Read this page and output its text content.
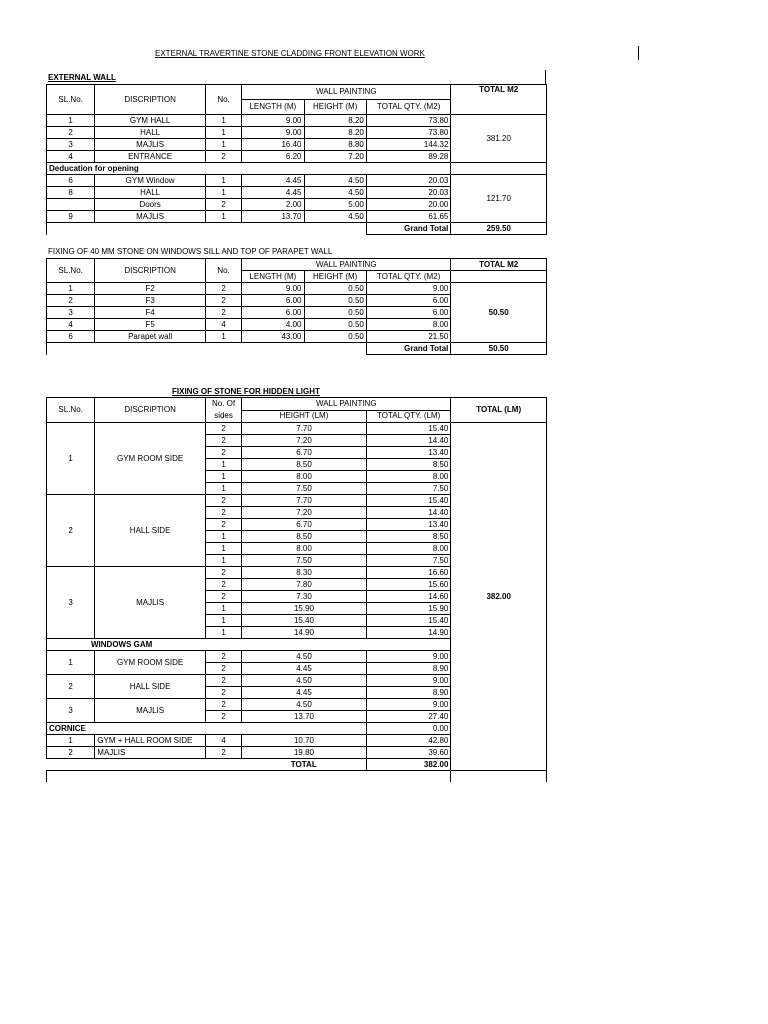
EXTERNAL TRAVERTINE STONE CLADDING FRONT ELEVATION WORK
EXTERNAL WALL
SL.No.	DISCRIPTION	No.	WALL PAINTING			TOTAL M2
			LENGTH (M)	HEIGHT (M)	TOTAL QTY. (M2)	
1	GYM HALL	1	9.00	8.20	73.80	381.20
2	HALL	1	9.00	8.20	73.80	
3	MAJLIS	1	16.40	8.80	144.32	
4	ENTRANCE	2	6.20	7.20	89.28	
Deducation for opening						
6	GYM Window	1	4.45	4.50	20.03	121.70
8	HALL	1	4.45	4.50	20.03	
	Doors	2	2.00	5.00	20.00	
9	MAJLIS	1	13.70	4.50	61.65	
					Grand Total	259.50
FIXING OF 40 MM STONE ON WINDOWS SILL AND TOP OF PARAPET WALL
SL.No.	DISCRIPTION	No.	WALL PAINTING			TOTAL M2
			LENGTH (M)	HEIGHT (M)	TOTAL QTY. (M2)	
1	F2	2	9.00	0.50	9.00	50.50
2	F3	2	6.00	0.50	6.00	
3	F4	2	6.00	0.50	6.00	
4	F5	4	4.00	0.50	8.00	
6	Parapet wall	1	43.00	0.50	21.50	
					Grand Total	50.50
FIXING OF STONE FOR HIDDEN LIGHT
SL.No.	DISCRIPTION	No. Of sides	WALL PAINTING		TOTAL (LM)
			HEIGHT (LM)	TOTAL QTY. (LM)	
1	GYM ROOM SIDE	2	7.70	15.40	382.00
		2	7.20	14.40	
		2	6.70	13.40	
		1	8.50	8.50	
		1	8.00	8.00	
		1	7.50	7.50	
2	HALL SIDE	2	7.70	15.40	
		2	7.20	14.40	
		2	6.70	13.40	
		1	8.50	8.50	
		1	8.00	8.00	
		1	7.50	7.50	
3	MAJLIS	2	8.30	16.60	
		2	7.80	15.60	
		2	7.30	14.60	
		1	15.90	15.90	
		1	15.40	15.40	
		1	14.90	14.90	
WINDOWS GAM					
1	GYM ROOM SIDE	2	4.50	9.00	
		2	4.45	8.90	
2	HALL SIDE	2	4.50	9.00	
		2	4.45	8.90	
3	MAJLIS	2	4.50	9.00	
		2	13.70	27.40	
CORNICE				0.00	
1	GYM + HALL ROOM SIDE	4	10.70	42.80	
2	MAJLIS	2	19.80	39.60	
			TOTAL	382.00	
